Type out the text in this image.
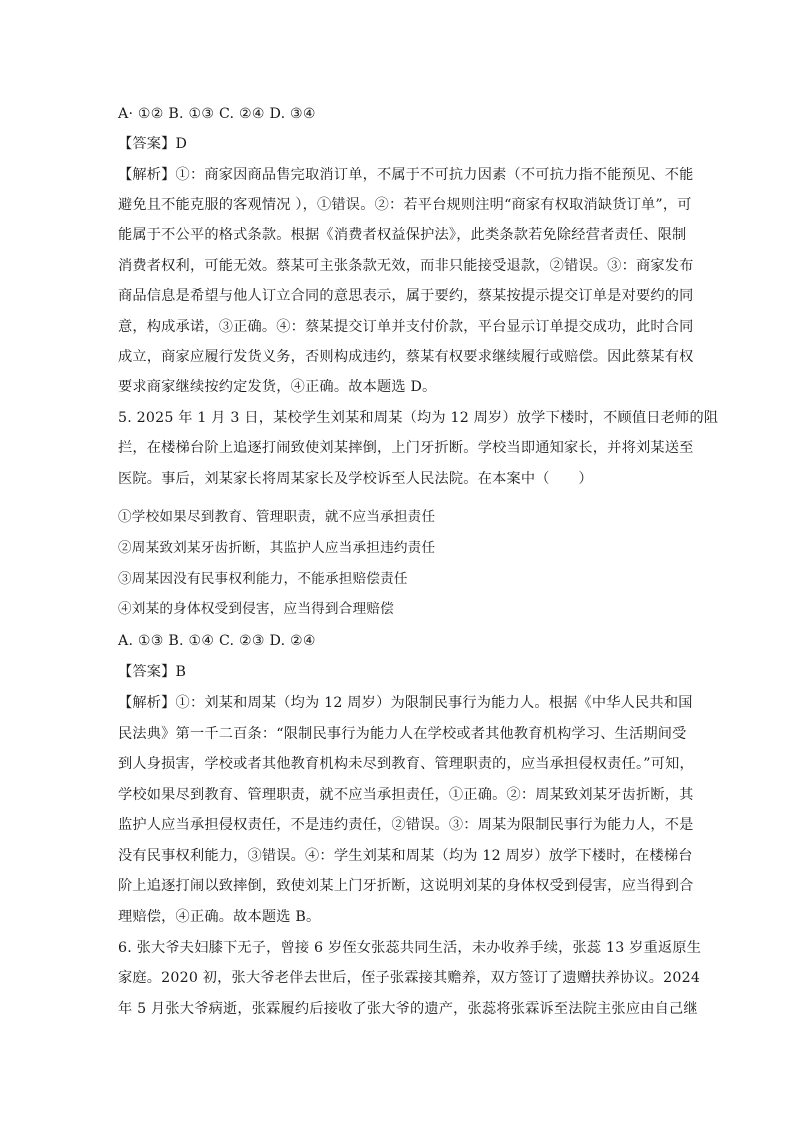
A· ①② B. ①③ C. ②④ D. ③④
【答案】D
【解析】①：商家因商品售完取消订单，不属于不可抗力因素（不可抗力指不能预见、不能
避免且不能克服的客观情况 ），①错误。②：若平台规则注明“商家有权取消缺货订单”，可
能属于不公平的格式条款。根据《消费者权益保护法》，此类条款若免除经营者责任、限制
消费者权利，可能无效。蔡某可主张条款无效，而非只能接受退款，②错误。③：商家发布
商品信息是希望与他人订立合同的意思表示，属于要约，蔡某按提示提交订单是对要约的同
意，构成承诺，③正确。④：蔡某提交订单并支付价款，平台显示订单提交成功，此时合同
成立，商家应履行发货义务，否则构成违约，蔡某有权要求继续履行或赔偿。因此蔡某有权
要求商家继续按约定发货，④正确。故本题选 D。
5. 2025 年 1 月 3 日，某校学生刘某和周某（均为 12 周岁）放学下楼时，不顾值日老师的阻
拦，在楼梯台阶上追逐打闹致使刘某摔倒，上门牙折断。学校当即通知家长，并将刘某送至
医院。事后，刘某家长将周某家长及学校诉至人民法院。在本案中（　　）
①学校如果尽到教育、管理职责，就不应当承担责任
②周某致刘某牙齿折断，其监护人应当承担违约责任
③周某因没有民事权利能力，不能承担赔偿责任
④刘某的身体权受到侵害，应当得到合理赔偿
A. ①③ B. ①④ C. ②③ D. ②④
【答案】B
【解析】①：刘某和周某（均为 12 周岁）为限制民事行为能力人。根据《中华人民共和国
民法典》第一千二百条：“限制民事行为能力人在学校或者其他教育机构学习、生活期间受
到人身损害，学校或者其他教育机构未尽到教育、管理职责的，应当承担侵权责任。”可知，
学校如果尽到教育、管理职责，就不应当承担责任，①正确。②：周某致刘某牙齿折断，其
监护人应当承担侵权责任，不是违约责任，②错误。③：周某为限制民事行为能力人，不是
没有民事权利能力，③错误。④：学生刘某和周某（均为 12 周岁）放学下楼时，在楼梯台
阶上追逐打闹以致摔倒，致使刘某上门牙折断，这说明刘某的身体权受到侵害，应当得到合
理赔偿，④正确。故本题选 B。
6. 张大爷夫妇膝下无子，曾接 6 岁侄女张蕊共同生活，未办收养手续，张蕊 13 岁重返原生
家庭。2020 初，张大爷老伴去世后，侄子张霖接其赡养，双方签订了遗赠扶养协议。2024
年 5 月张大爷病逝，张霖履约后接收了张大爷的遗产，张蕊将张霖诉至法院主张应由自己继
